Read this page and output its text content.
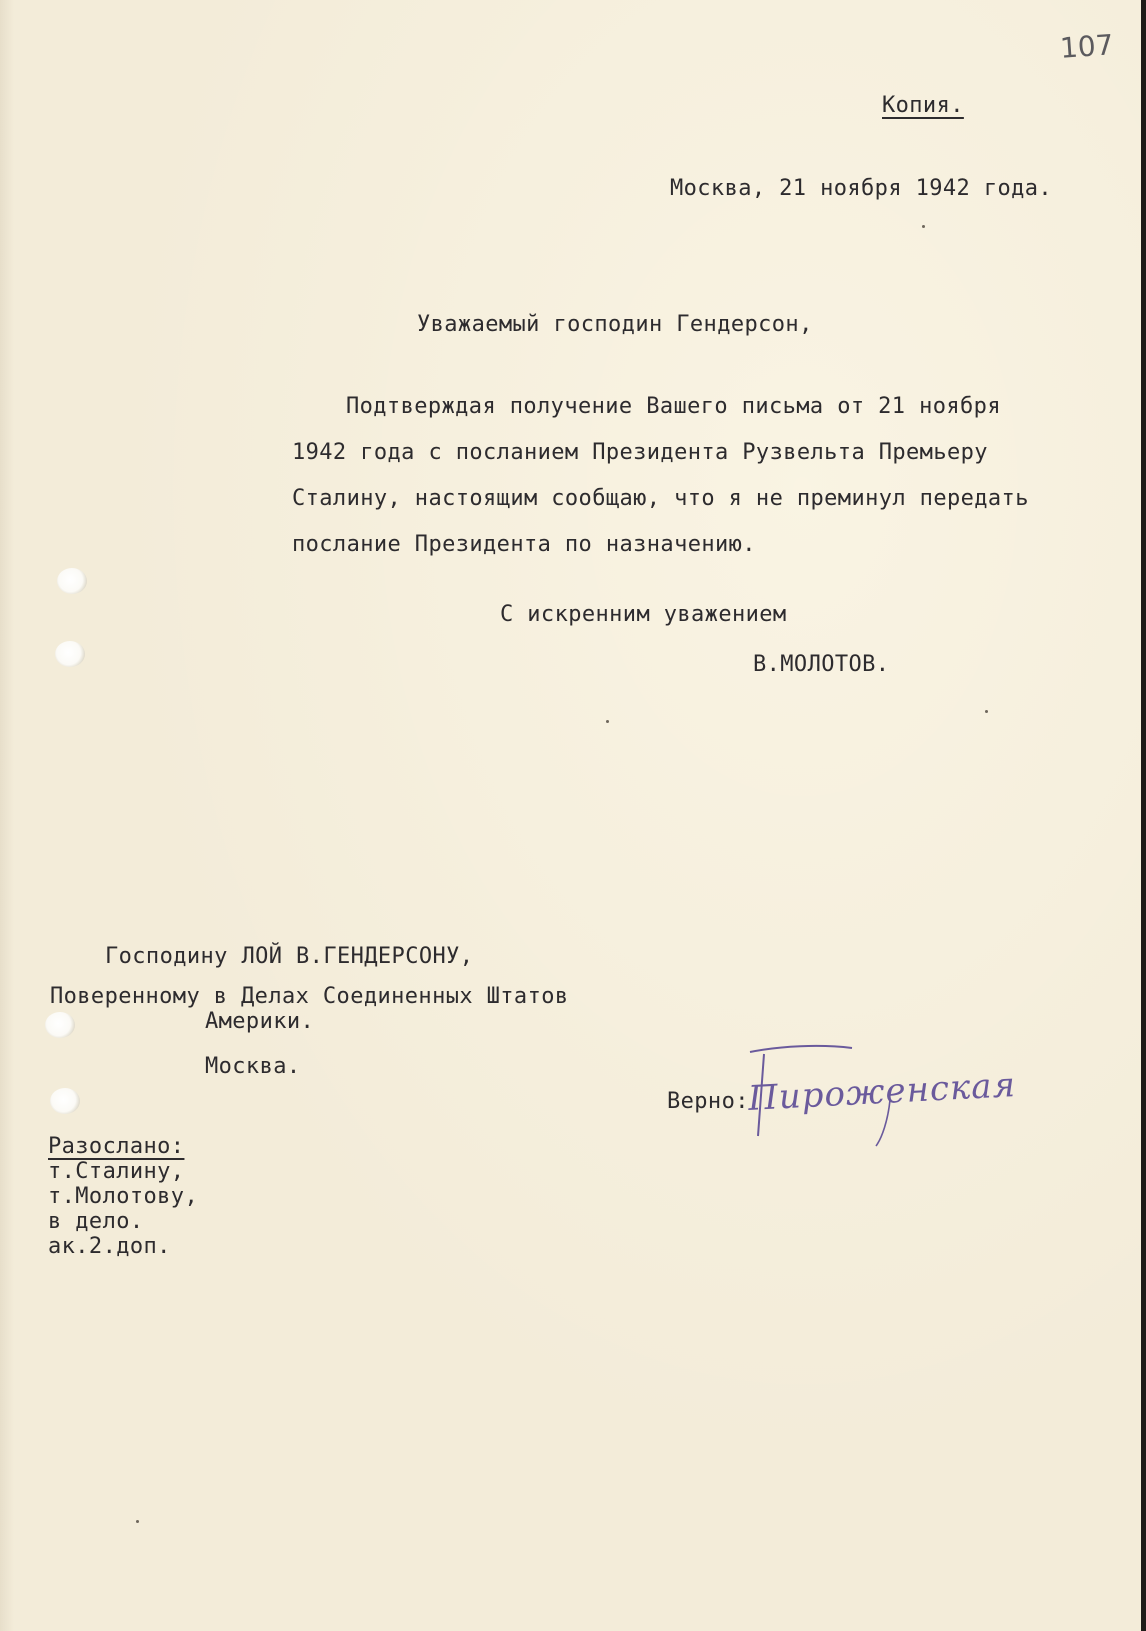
107
Копия.
Москва, 21 ноября 1942 года.
Уважаемый господин Гендерсон,
Подтверждая получение Вашего письма от 21 ноября
1942 года с посланием Президента Рузвельта Премьеру
Сталину, настоящим сообщаю, что я не преминул передать
послание Президента по назначению.
С искренним уважением
В.МОЛОТОВ.
Господину ЛОЙ В.ГЕНДЕРСОНУ,
Поверенному в Делах Соединенных Штатов
Америки.
Москва.
Верно:
Пироженская
Разослано:
т.Сталину,
т.Молотову,
в дело.
ак.2.доп.
